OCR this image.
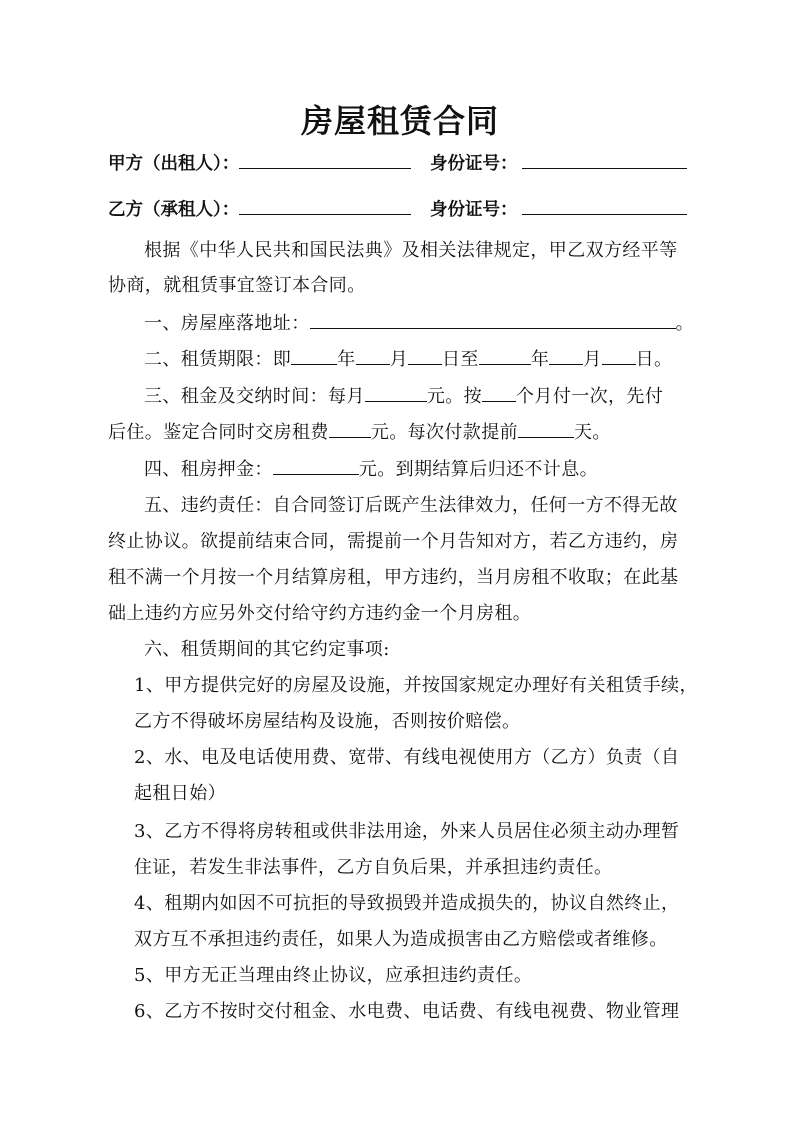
房屋租赁合同
甲方（出租人）：	身份证号：
乙方（承租人）：	身份证号：
根据《中华人民共和国民法典》及相关法律规定，甲乙双方经平等
协商，就租赁事宜签订本合同。
一、房屋座落地址：	。
二、租赁期限：即	年 月 日至	年 月 日。
三、租金及交纳时间：每月	元。按 个月付一次，先付
后住。鉴定合同时交房租费 元。每次付款提前	天。
四、租房押金：	元。到期结算后归还不计息。
五、违约责任：自合同签订后既产生法律效力，任何一方不得无故
终止协议。欲提前结束合同，需提前一个月告知对方，若乙方违约，房
租不满一个月按一个月结算房租，甲方违约，当月房租不收取；在此基
础上违约方应另外交付给守约方违约金一个月房租。
六、租赁期间的其它约定事项:
1、甲方提供完好的房屋及设施，并按国家规定办理好有关租赁手续，
乙方不得破坏房屋结构及设施，否则按价赔偿。
2、水、电及电话使用费、宽带、有线电视使用方（乙方）负责（自
起租日始）
3、乙方不得将房转租或供非法用途，外来人员居住必须主动办理暂
住证，若发生非法事件，乙方自负后果，并承担违约责任。
4、租期内如因不可抗拒的导致损毁并造成损失的，协议自然终止，
双方互不承担违约责任，如果人为造成损害由乙方赔偿或者维修。
5、甲方无正当理由终止协议，应承担违约责任。
6、乙方不按时交付租金、水电费、电话费、有线电视费、物业管理
